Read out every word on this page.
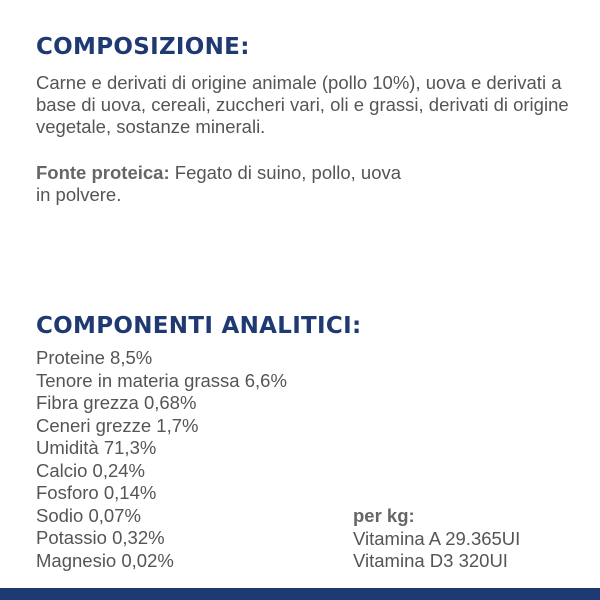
COMPOSIZIONE:

Carne e derivati di origine animale (pollo 10%), uova e derivati a base di uova, cereali, zuccheri vari, oli e grassi, derivati di origine vegetale, sostanze minerali.

Fonte proteica: Fegato di suino, pollo, uova in polvere.

COMPONENTI ANALITICI:
Proteine 8,5%
Tenore in materia grassa 6,6%
Fibra grezza 0,68%
Ceneri grezze 1,7%
Umidità 71,3%
Calcio 0,24%
Fosforo 0,14%
Sodio 0,07%
Potassio 0,32%
Magnesio 0,02%
per kg:
Vitamina A 29.365UI
Vitamina D3 320UI
